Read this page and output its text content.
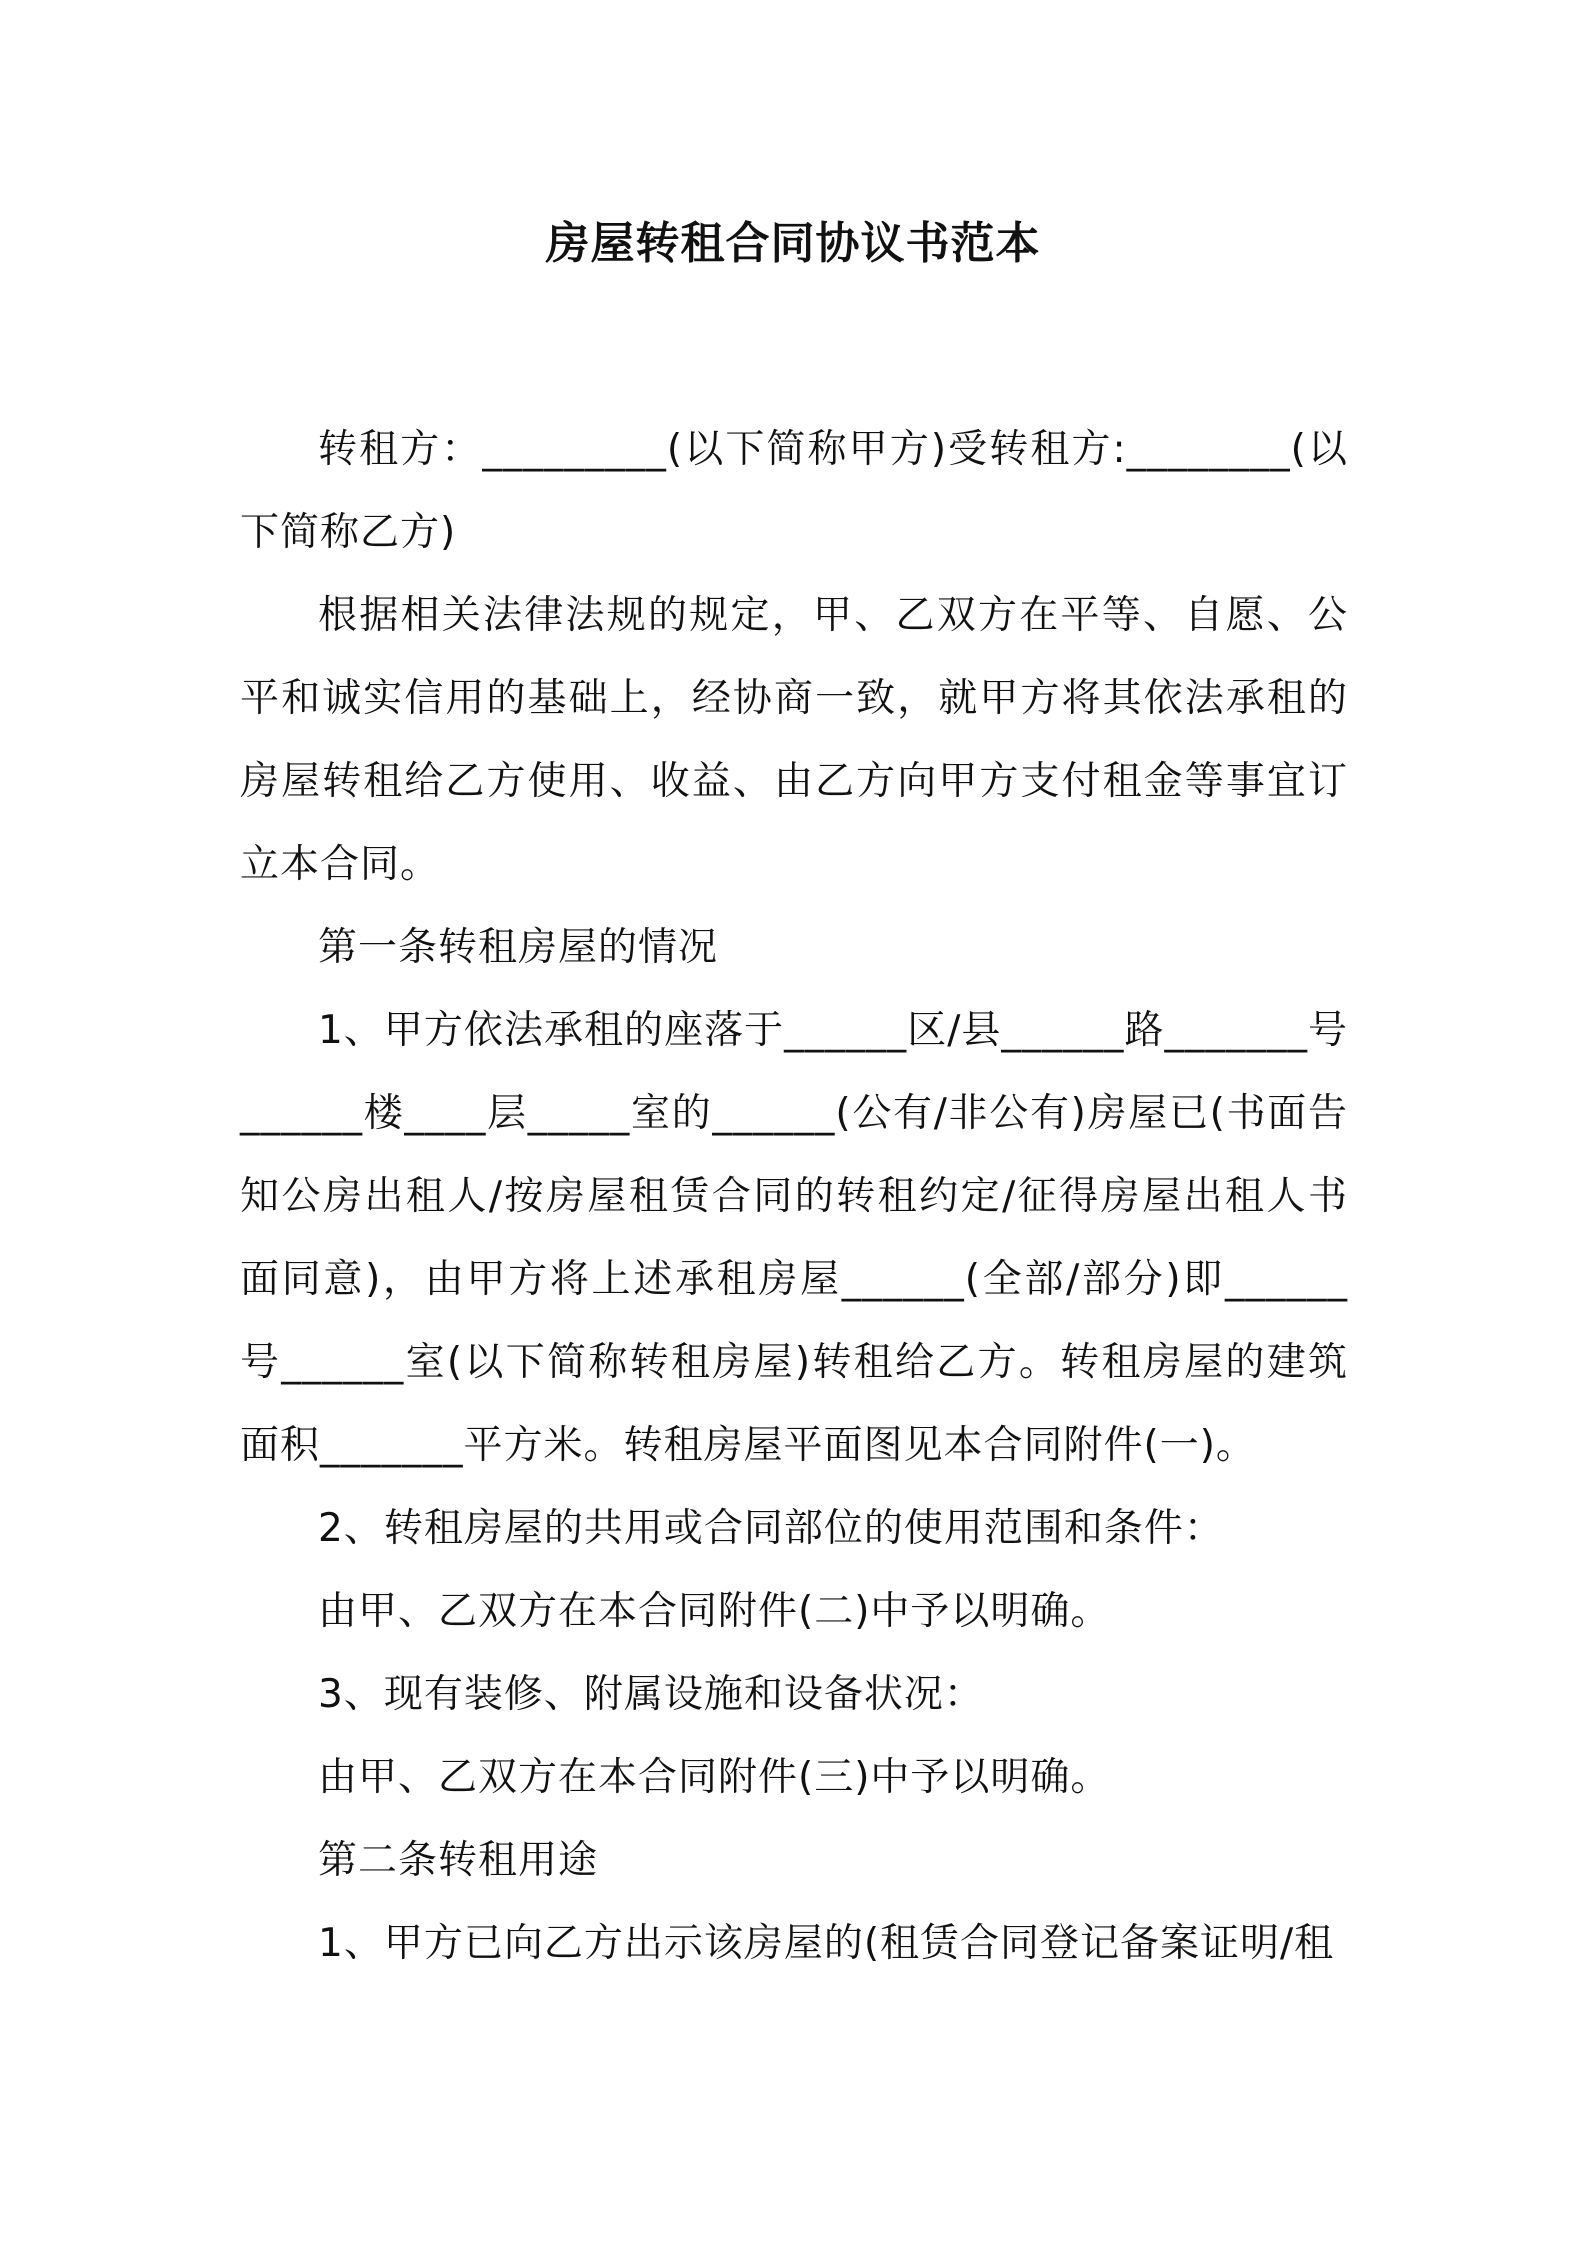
房屋转租合同协议书范本

转租方：_________(以下简称甲方)受转租方:________(以下简称乙方)

根据相关法律法规的规定，甲、乙双方在平等、自愿、公平和诚实信用的基础上，经协商一致，就甲方将其依法承租的房屋转租给乙方使用、收益、由乙方向甲方支付租金等事宜订立本合同。

第一条转租房屋的情况

1、甲方依法承租的座落于______区/县______路_______号______楼____层_____室的______(公有/非公有)房屋已(书面告知公房出租人/按房屋租赁合同的转租约定/征得房屋出租人书面同意)，由甲方将上述承租房屋______(全部/部分)即______号______室(以下简称转租房屋)转租给乙方。转租房屋的建筑面积_______平方米。转租房屋平面图见本合同附件(一)。

2、转租房屋的共用或合同部位的使用范围和条件：

由甲、乙双方在本合同附件(二)中予以明确。

3、现有装修、附属设施和设备状况：

由甲、乙双方在本合同附件(三)中予以明确。

第二条转租用途

1、甲方已向乙方出示该房屋的(租赁合同登记备案证明/租
